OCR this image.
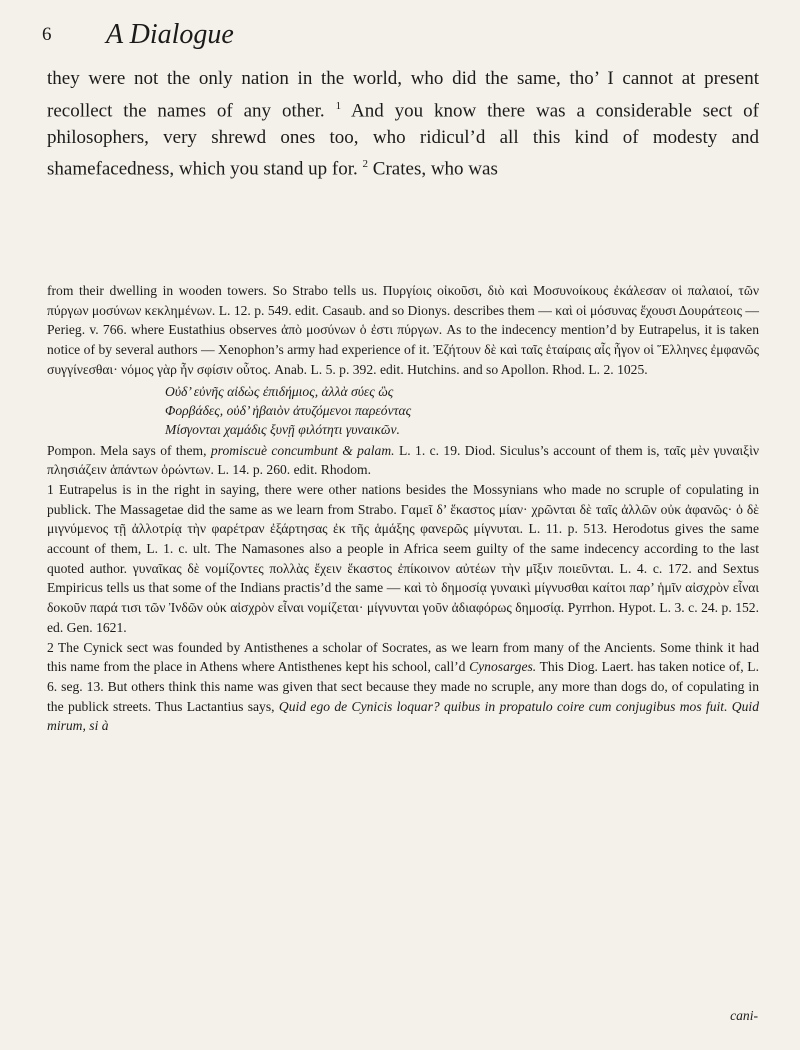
6	A Dialogue

they were not the only nation in the world, who did the same, tho’ I cannot at present recollect the names of any other. $^1$ And you know there was a considerable sect of philosophers, very shrewd ones too, who ridicul’d all this kind of modesty and shamefacedness, which you stand up for. $^2$ Crates, who was

from their dwelling in wooden towers. So Strabo tells us. Πυργίοις οἰκοῦσι, διὸ καὶ Μοσυνοίκους ἐκάλεσαν οἱ παλαιοί, τῶν πύργων μοσύνων κεκλημένων. L. 12. p. 549. edit. Casaub. and so Dionys. describes them — καὶ οἱ μόσυνας ἔχουσι Δουράτεοις — Perieg. v. 766. where Eustathius observes ἀπὸ μοσύνων ὁ ἐστι πύργων. As to the indecency mention’d by Eutrapelus, it is taken notice of by several authors — Xenophon’s army had experience of it. Ἐζήτουν δὲ καὶ ταῖς ἑταίραις αἷς ἦγον οἱ Ἕλληνες ἐμφανῶς συγγίνεσθαι· νόμος γὰρ ἦν σφίσιν οὗτος. Anab. L. 5. p. 392. edit. Hutchins. and so Apollon. Rhod. L. 2. 1025.

Οὐδ’ εὐνῆς αἰδὼς ἐπιδήμιος, ἀλλὰ σύες ὣς
Φορβάδες, οὐδ’ ἠβαιὸν ἀτυζόμενοι παρεόντας
Μίσγονται χαμάδις ξυνῇ φιλότητι γυναικῶν.

Pompon. Mela says of them, promiscuè concumbunt & palam. L. 1. c. 19. Diod. Siculus’s account of them is, ταῖς μὲν γυναιξὶν πλησιάζειν ἁπάντων ὁρώντων. L. 14. p. 260. edit. Rhodom.

1 Eutrapelus is in the right in saying, there were other nations besides the Mossynians who made no scruple of copulating in publick. The Massagetae did the same as we learn from Strabo. Γαμεῖ δ’ ἕκαστος μίαν· χρῶνται δὲ ταῖς ἀλλῶν οὐκ ἀφανῶς· ὁ δὲ μιγνύμενος τῇ ἀλλοτρίᾳ τὴν φαρέτραν ἐξάρτησας ἐκ τῆς ἁμάξης φανερῶς μίγνυται. L. 11. p. 513. Herodotus gives the same account of them, L. 1. c. ult. The Namasones also a people in Africa seem guilty of the same indecency according to the last quoted author. γυναῖκας δὲ νομίζοντες πολλὰς ἔχειν ἕκαστος ἐπίκοινον αὐτέων τὴν μῖξιν ποιεῦνται. L. 4. c. 172. and Sextus Empiricus tells us that some of the Indians practis’d the same — καὶ τὸ δημοσίᾳ γυναικὶ μίγνυσθαι καίτοι παρ’ ἡμῖν αἰσχρὸν εἶναι δοκοῦν παρά τισι τῶν Ἰνδῶν οὐκ αἰσχρὸν εἶναι νομίζεται· μίγνυνται γοῦν ἀδιαφόρως δημοσίᾳ. Pyrrhon. Hypot. L. 3. c. 24. p. 152. ed. Gen. 1621.

2 The Cynick sect was founded by Antisthenes a scholar of Socrates, as we learn from many of the Ancients. Some think it had this name from the place in Athens where Antisthenes kept his school, call’d Cynosarges. This Diog. Laert. has taken notice of, L. 6. seg. 13. But others think this name was given that sect because they made no scruple, any more than dogs do, of copulating in the publick streets. Thus Lactantius says, Quid ego de Cynicis loquar? quibus in propatulo coire cum conjugibus mos fuit. Quid mirum, si à

cani-
